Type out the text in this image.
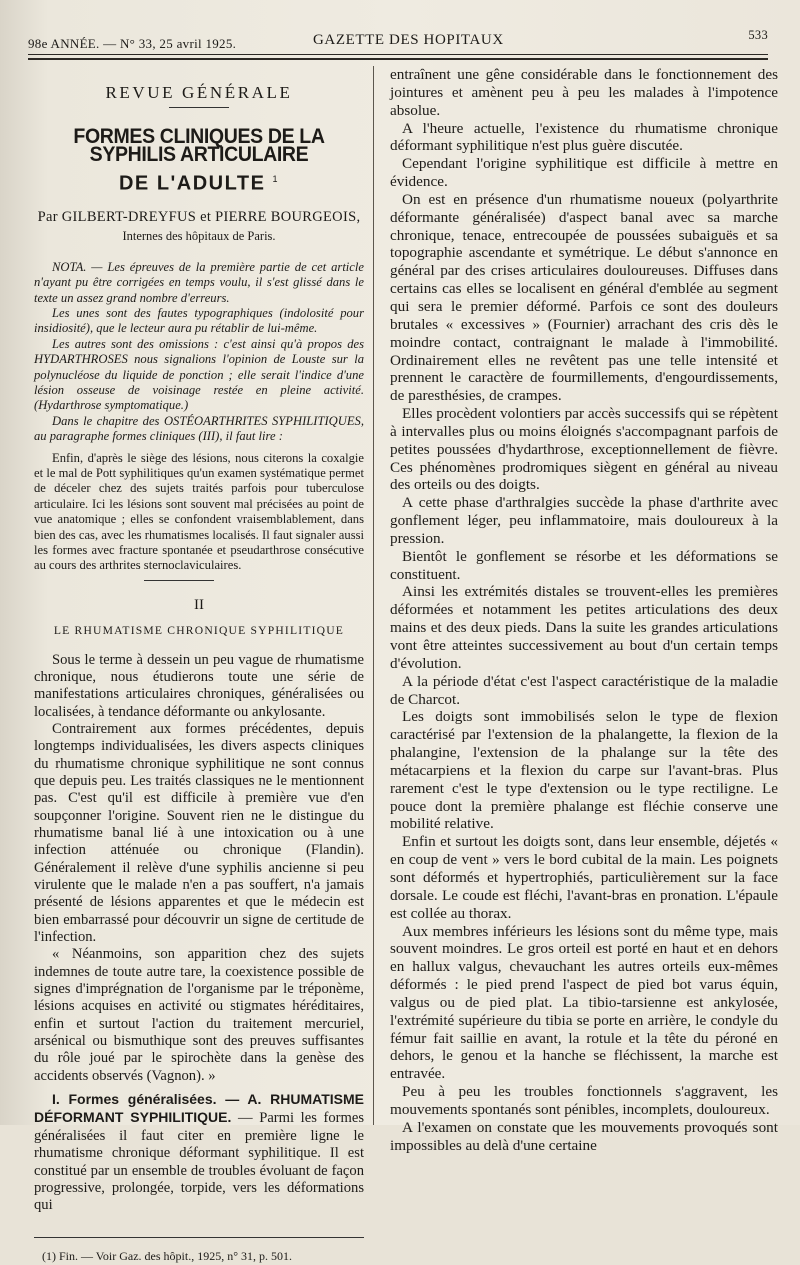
98e ANNÉE. — N° 33, 25 avril 1925.	GAZETTE DES HOPITAUX	533
REVUE GÉNÉRALE
FORMES CLINIQUES DE LA SYPHILIS ARTICULAIRE
DE L'ADULTE $^1$
Par GILBERT-DREYFUS et PIERRE BOURGEOIS,
Internes des hôpitaux de Paris.

NOTA. — Les épreuves de la première partie de cet article n'ayant pu être corrigées en temps voulu, il s'est glissé dans le texte un assez grand nombre d'erreurs.

Les unes sont des fautes typographiques (indolosité pour insidiosité), que le lecteur aura pu rétablir de lui-même.

Les autres sont des omissions : c'est ainsi qu'à propos des HYDARTHROSES nous signalions l'opinion de Louste sur la polynucléose du liquide de ponction ; elle serait l'indice d'une lésion osseuse de voisinage restée en pleine activité. (Hydarthrose symptomatique.)

Dans le chapitre des OSTÉOARTHRITES SYPHILITIQUES, au paragraphe formes cliniques (III), il faut lire :

Enfin, d'après le siège des lésions, nous citerons la coxalgie et le mal de Pott syphilitiques qu'un examen systématique permet de déceler chez des sujets traités parfois pour tuberculose articulaire. Ici les lésions sont souvent mal précisées au point de vue anatomique ; elles se confondent vraisemblablement, dans bien des cas, avec les rhumatismes localisés. Il faut signaler aussi les formes avec fracture spontanée et pseudarthrose consécutive au cours des arthrites sternoclaviculaires.

II
LE RHUMATISME CHRONIQUE SYPHILITIQUE

Sous le terme à dessein un peu vague de rhumatisme chronique, nous étudierons toute une série de manifestations articulaires chroniques, généralisées ou localisées, à tendance déformante ou ankylosante.

Contrairement aux formes précédentes, depuis longtemps individualisées, les divers aspects cliniques du rhumatisme chronique syphilitique ne sont connus que depuis peu. Les traités classiques ne le mentionnent pas. C'est qu'il est difficile à première vue d'en soupçonner l'origine. Souvent rien ne le distingue du rhumatisme banal lié à une intoxication ou à une infection atténuée ou chronique (Flandin). Généralement il relève d'une syphilis ancienne si peu virulente que le malade n'en a pas souffert, n'a jamais présenté de lésions apparentes et que le médecin est bien embarrassé pour découvrir un signe de certitude de l'infection.

« Néanmoins, son apparition chez des sujets indemnes de toute autre tare, la coexistence possible de signes d'imprégnation de l'organisme par le tréponème, lésions acquises en activité ou stigmates héréditaires, enfin et surtout l'action du traitement mercuriel, arsénical ou bismuthique sont des preuves suffisantes du rôle joué par le spirochète dans la genèse des accidents observés (Vagnon). »

I. Formes généralisées. — A. RHUMATISME DÉFORMANT SYPHILITIQUE. — Parmi les formes généralisées il faut citer en première ligne le rhumatisme chronique déformant syphilitique. Il est constitué par un ensemble de troubles évoluant de façon progressive, prolongée, torpide, vers les déformations qui

(1) Fin. — Voir Gaz. des hôpit., 1925, n° 31, p. 501.

entraînent une gêne considérable dans le fonctionnement des jointures et amènent peu à peu les malades à l'impotence absolue.

A l'heure actuelle, l'existence du rhumatisme chronique déformant syphilitique n'est plus guère discutée.

Cependant l'origine syphilitique est difficile à mettre en évidence.

On est en présence d'un rhumatisme noueux (polyarthrite déformante généralisée) d'aspect banal avec sa marche chronique, tenace, entrecoupée de poussées subaiguës et sa topographie ascendante et symétrique. Le début s'annonce en général par des crises articulaires douloureuses. Diffuses dans certains cas elles se localisent en général d'emblée au segment qui sera le premier déformé. Parfois ce sont des douleurs brutales « excessives » (Fournier) arrachant des cris dès le moindre contact, contraignant le malade à l'immobilité. Ordinairement elles ne revêtent pas une telle intensité et prennent le caractère de fourmillements, d'engourdissements, de paresthésies, de crampes.

Elles procèdent volontiers par accès successifs qui se répètent à intervalles plus ou moins éloignés s'accompagnant parfois de petites poussées d'hydarthrose, exceptionnellement de fièvre. Ces phénomènes prodromiques siègent en général au niveau des orteils ou des doigts.

A cette phase d'arthralgies succède la phase d'arthrite avec gonflement léger, peu inflammatoire, mais douloureux à la pression.

Bientôt le gonflement se résorbe et les déformations se constituent.

Ainsi les extrémités distales se trouvent-elles les premières déformées et notamment les petites articulations des deux mains et des deux pieds. Dans la suite les grandes articulations vont être atteintes successivement au bout d'un certain temps d'évolution.

A la période d'état c'est l'aspect caractéristique de la maladie de Charcot.

Les doigts sont immobilisés selon le type de flexion caractérisé par l'extension de la phalangette, la flexion de la phalangine, l'extension de la phalange sur la tête des métacarpiens et la flexion du carpe sur l'avant-bras. Plus rarement c'est le type d'extension ou le type rectiligne. Le pouce dont la première phalange est fléchie conserve une mobilité relative.

Enfin et surtout les doigts sont, dans leur ensemble, déjetés « en coup de vent » vers le bord cubital de la main. Les poignets sont déformés et hypertrophiés, particulièrement sur la face dorsale. Le coude est fléchi, l'avant-bras en pronation. L'épaule est collée au thorax.

Aux membres inférieurs les lésions sont du même type, mais souvent moindres. Le gros orteil est porté en haut et en dehors en hallux valgus, chevauchant les autres orteils eux-mêmes déformés : le pied prend l'aspect de pied bot varus équin, valgus ou de pied plat. La tibio-tarsienne est ankylosée, l'extrémité supérieure du tibia se porte en arrière, le condyle du fémur fait saillie en avant, la rotule et la tête du péroné en dehors, le genou et la hanche se fléchissent, la marche est entravée.

Peu à peu les troubles fonctionnels s'aggravent, les mouvements spontanés sont pénibles, incomplets, douloureux.

A l'examen on constate que les mouvements provoqués sont impossibles au delà d'une certaine
